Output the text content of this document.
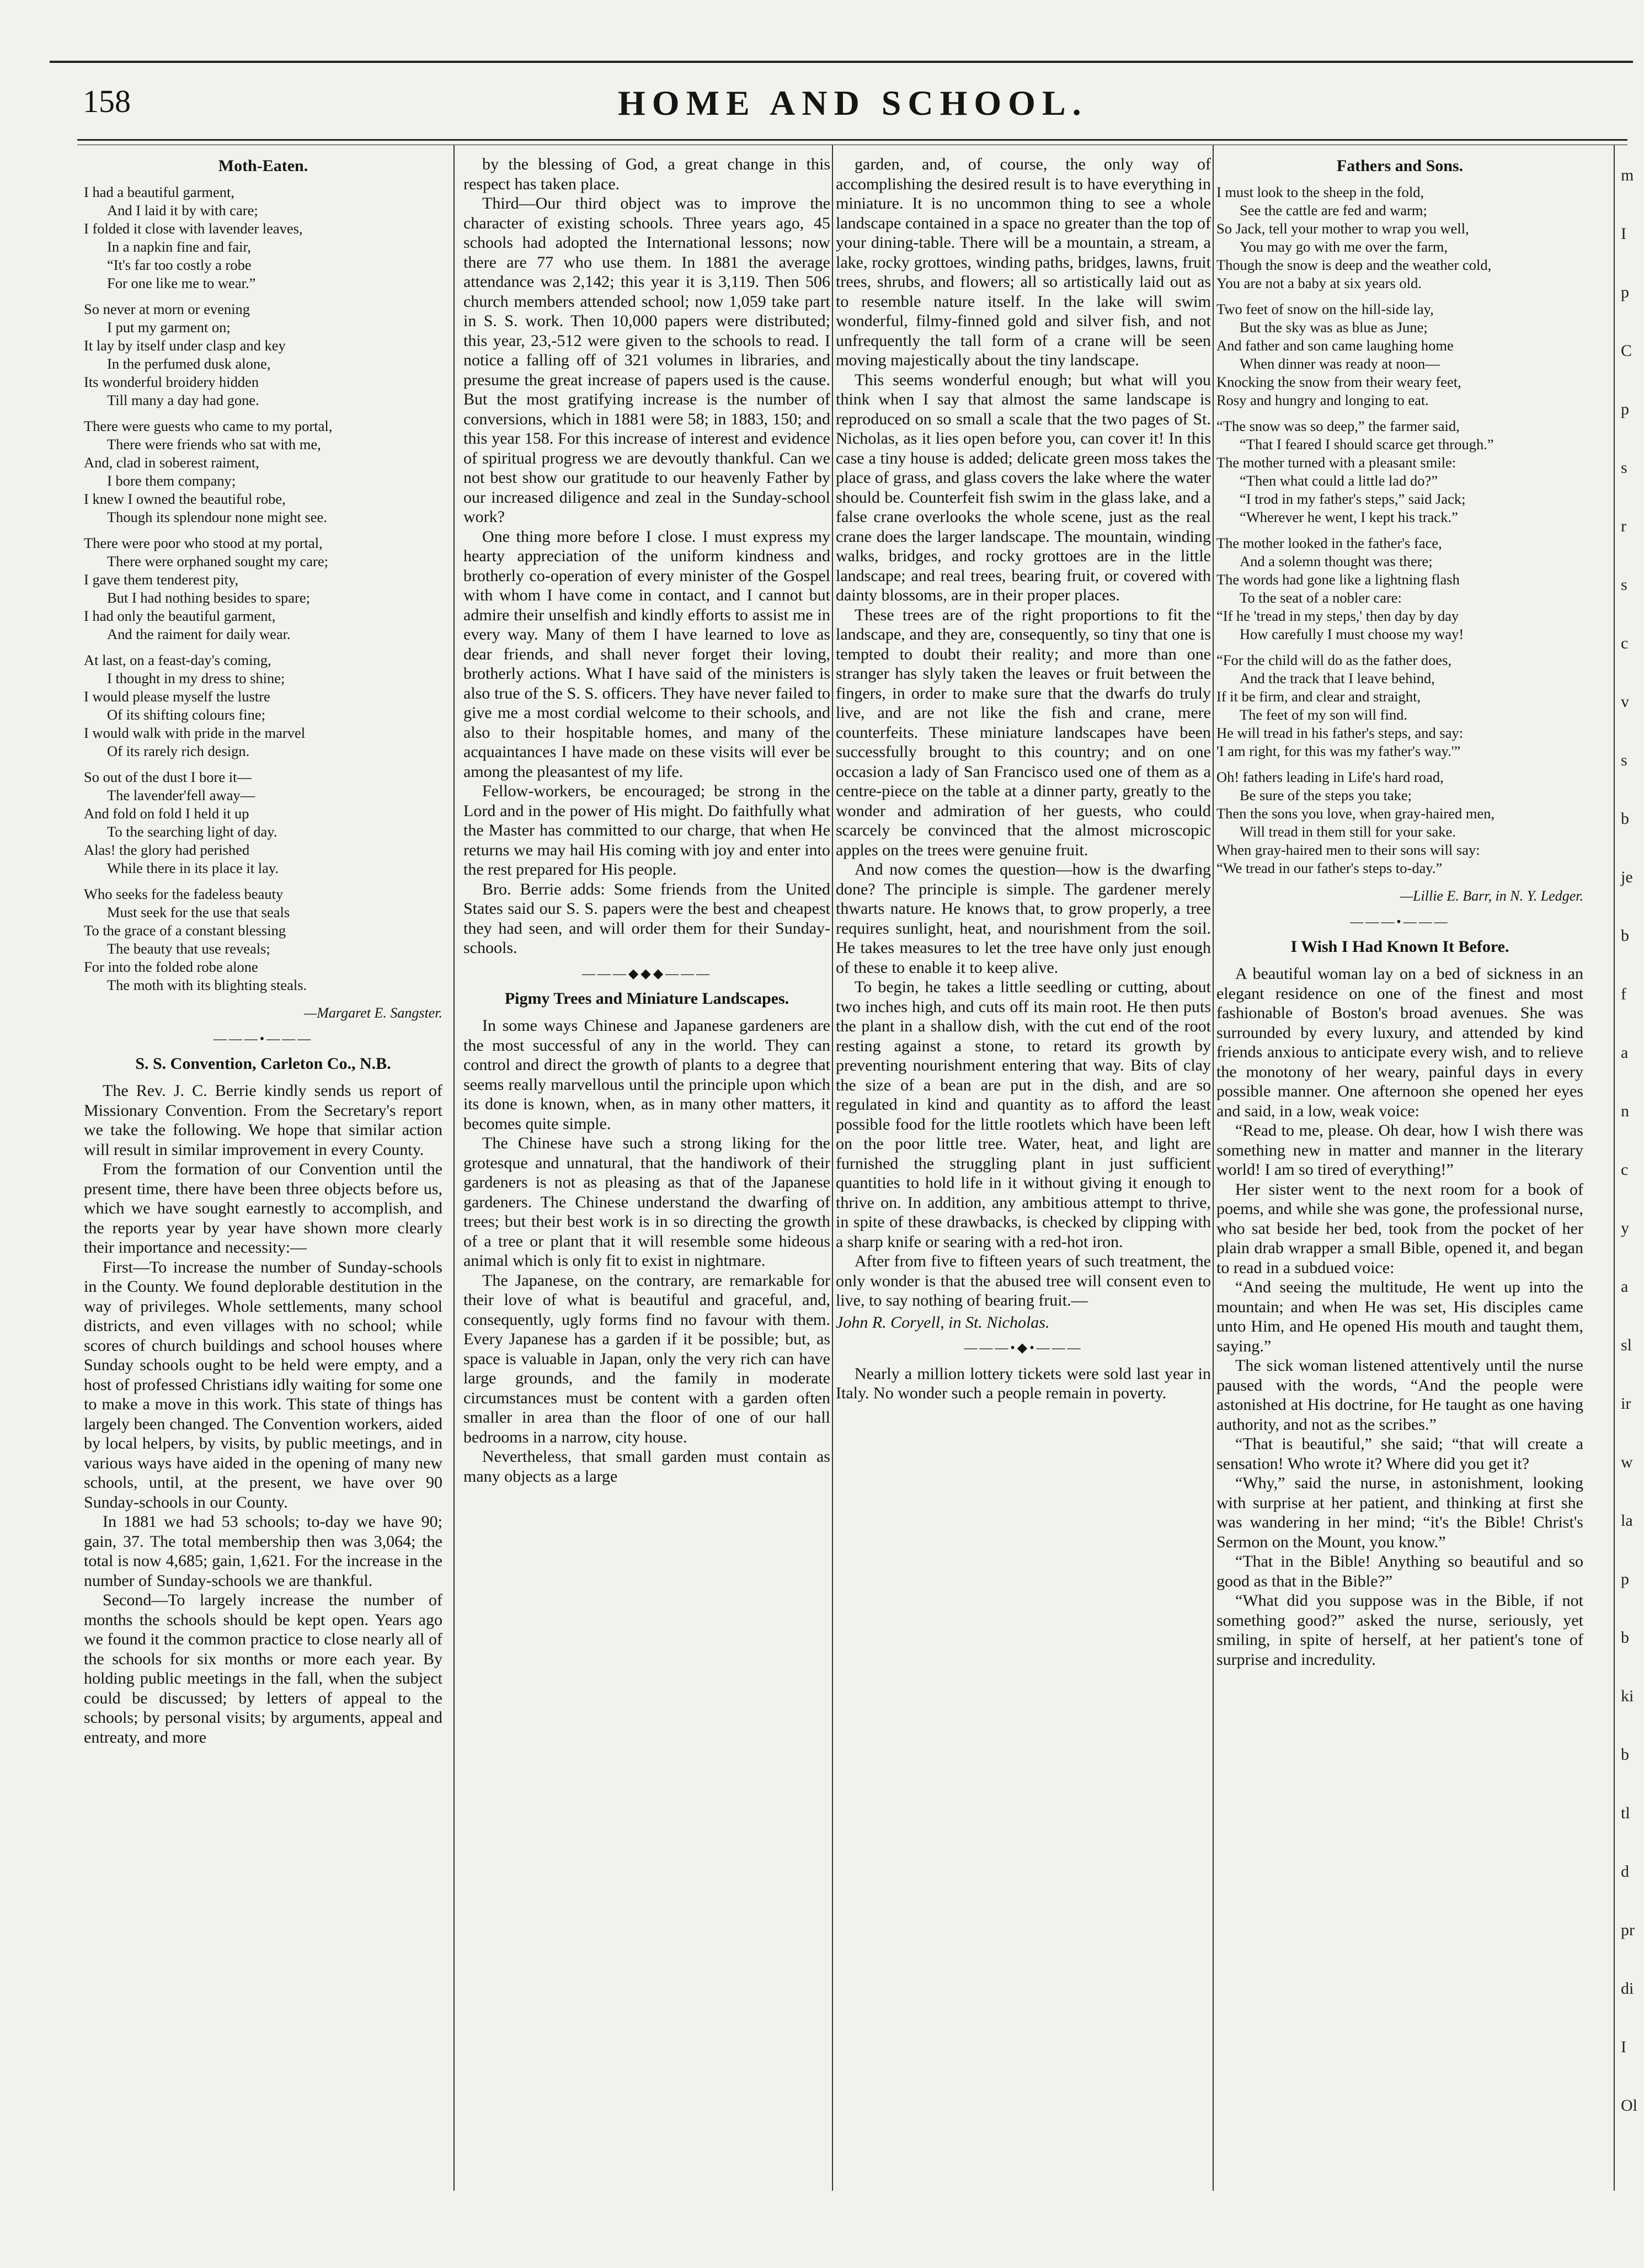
158	HOME AND SCHOOL.
Moth-Eaten.
I had a beautiful garment,
And I laid it by with care;
I folded it close with lavender leaves,
In a napkin fine and fair,
“It's far too costly a robe
For one like me to wear.”

So never at morn or evening
I put my garment on;
It lay by itself under clasp and key
In the perfumed dusk alone,
Its wonderful broidery hidden
Till many a day had gone.

There were guests who came to my portal,
There were friends who sat with me,
And, clad in soberest raiment,
I bore them company;
I knew I owned the beautiful robe,
Though its splendour none might see.

There were poor who stood at my portal,
There were orphaned sought my care;
I gave them tenderest pity,
But I had nothing besides to spare;
I had only the beautiful garment,
And the raiment for daily wear.

At last, on a feast-day's coming,
I thought in my dress to shine;
I would please myself the lustre
Of its shifting colours fine;
I would walk with pride in the marvel
Of its rarely rich design.

So out of the dust I bore it—
The lavender'fell away—
And fold on fold I held it up
To the searching light of day.
Alas! the glory had perished
While there in its place it lay.

Who seeks for the fadeless beauty
Must seek for the use that seals
To the grace of a constant blessing
The beauty that use reveals;
For into the folded robe alone
The moth with its blighting steals.
—Margaret E. Sangster.
———•———
S. S. Convention, Carleton Co., N.B.

The Rev. J. C. Berrie kindly sends us report of Missionary Convention. From the Secretary's report we take the following. We hope that similar action will result in similar improvement in every County.

From the formation of our Convention until the present time, there have been three objects before us, which we have sought earnestly to accomplish, and the reports year by year have shown more clearly their importance and necessity:—

First—To increase the number of Sunday-schools in the County. We found deplorable destitution in the way of privileges. Whole settlements, many school districts, and even villages with no school; while scores of church buildings and school houses where Sunday schools ought to be held were empty, and a host of professed Christians idly waiting for some one to make a move in this work. This state of things has largely been changed. The Convention workers, aided by local helpers, by visits, by public meetings, and in various ways have aided in the opening of many new schools, until, at the present, we have over 90 Sunday-schools in our County.

In 1881 we had 53 schools; to-day we have 90; gain, 37. The total membership then was 3,064; the total is now 4,685; gain, 1,621. For the increase in the number of Sunday-schools we are thankful.

Second—To largely increase the number of months the schools should be kept open. Years ago we found it the common practice to close nearly all of the schools for six months or more each year. By holding public meetings in the fall, when the subject could be discussed; by letters of appeal to the schools; by personal visits; by arguments, appeal and entreaty, and more

by the blessing of God, a great change in this respect has taken place.

Third—Our third object was to improve the character of existing schools. Three years ago, 45 schools had adopted the International lessons; now there are 77 who use them. In 1881 the average attendance was 2,142; this year it is 3,119. Then 506 church members attended school; now 1,059 take part in S. S. work. Then 10,000 papers were distributed; this year, 23,-512 were given to the schools to read. I notice a falling off of 321 volumes in libraries, and presume the great increase of papers used is the cause. But the most gratifying increase is the number of conversions, which in 1881 were 58; in 1883, 150; and this year 158. For this increase of interest and evidence of spiritual progress we are devoutly thankful. Can we not best show our gratitude to our heavenly Father by our increased diligence and zeal in the Sunday-school work?

One thing more before I close. I must express my hearty appreciation of the uniform kindness and brotherly co-operation of every minister of the Gospel with whom I have come in contact, and I cannot but admire their unselfish and kindly efforts to assist me in every way. Many of them I have learned to love as dear friends, and shall never forget their loving, brotherly actions. What I have said of the ministers is also true of the S. S. officers. They have never failed to give me a most cordial welcome to their schools, and also to their hospitable homes, and many of the acquaintances I have made on these visits will ever be among the pleasantest of my life.

Fellow-workers, be encouraged; be strong in the Lord and in the power of His might. Do faithfully what the Master has committed to our charge, that when He returns we may hail His coming with joy and enter into the rest prepared for His people.

Bro. Berrie adds: Some friends from the United States said our S. S. papers were the best and cheapest they had seen, and will order them for their Sunday-schools.

———◆◆◆———
Pigmy Trees and Miniature Landscapes.

In some ways Chinese and Japanese gardeners are the most successful of any in the world. They can control and direct the growth of plants to a degree that seems really marvellous until the principle upon which its done is known, when, as in many other matters, it becomes quite simple.

The Chinese have such a strong liking for the grotesque and unnatural, that the handiwork of their gardeners is not as pleasing as that of the Japanese gardeners. The Chinese understand the dwarfing of trees; but their best work is in so directing the growth of a tree or plant that it will resemble some hideous animal which is only fit to exist in nightmare.

The Japanese, on the contrary, are remarkable for their love of what is beautiful and graceful, and, consequently, ugly forms find no favour with them. Every Japanese has a garden if it be possible; but, as space is valuable in Japan, only the very rich can have large grounds, and the family in moderate circumstances must be content with a garden often smaller in area than the floor of one of our hall bedrooms in a narrow, city house.

Nevertheless, that small garden must contain as many objects as a large

garden, and, of course, the only way of accomplishing the desired result is to have everything in miniature. It is no uncommon thing to see a whole landscape contained in a space no greater than the top of your dining-table. There will be a mountain, a stream, a lake, rocky grottoes, winding paths, bridges, lawns, fruit trees, shrubs, and flowers; all so artistically laid out as to resemble nature itself. In the lake will swim wonderful, filmy-finned gold and silver fish, and not unfrequently the tall form of a crane will be seen moving majestically about the tiny landscape.

This seems wonderful enough; but what will you think when I say that almost the same landscape is reproduced on so small a scale that the two pages of St. Nicholas, as it lies open before you, can cover it! In this case a tiny house is added; delicate green moss takes the place of grass, and glass covers the lake where the water should be. Counterfeit fish swim in the glass lake, and a false crane overlooks the whole scene, just as the real crane does the larger landscape. The mountain, winding walks, bridges, and rocky grottoes are in the little landscape; and real trees, bearing fruit, or covered with dainty blossoms, are in their proper places.

These trees are of the right proportions to fit the landscape, and they are, consequently, so tiny that one is tempted to doubt their reality; and more than one stranger has slyly taken the leaves or fruit between the fingers, in order to make sure that the dwarfs do truly live, and are not like the fish and crane, mere counterfeits. These miniature landscapes have been successfully brought to this country; and on one occasion a lady of San Francisco used one of them as a centre-piece on the table at a dinner party, greatly to the wonder and admiration of her guests, who could scarcely be convinced that the almost microscopic apples on the trees were genuine fruit.

And now comes the question—how is the dwarfing done? The principle is simple. The gardener merely thwarts nature. He knows that, to grow properly, a tree requires sunlight, heat, and nourishment from the soil. He takes measures to let the tree have only just enough of these to enable it to keep alive.

To begin, he takes a little seedling or cutting, about two inches high, and cuts off its main root. He then puts the plant in a shallow dish, with the cut end of the root resting against a stone, to retard its growth by preventing nourishment entering that way. Bits of clay the size of a bean are put in the dish, and are so regulated in kind and quantity as to afford the least possible food for the little rootlets which have been left on the poor little tree. Water, heat, and light are furnished the struggling plant in just sufficient quantities to hold life in it without giving it enough to thrive on. In addition, any ambitious attempt to thrive, in spite of these drawbacks, is checked by clipping with a sharp knife or searing with a red-hot iron.

After from five to fifteen years of such treatment, the only wonder is that the abused tree will consent even to live, to say nothing of bearing fruit.—

John R. Coryell, in St. Nicholas.
———•◆•———

Nearly a million lottery tickets were sold last year in Italy. No wonder such a people remain in poverty.

Fathers and Sons.
I must look to the sheep in the fold,
See the cattle are fed and warm;
So Jack, tell your mother to wrap you well,
You may go with me over the farm,
Though the snow is deep and the weather cold,
You are not a baby at six years old.

Two feet of snow on the hill-side lay,
But the sky was as blue as June;
And father and son came laughing home
When dinner was ready at noon—
Knocking the snow from their weary feet,
Rosy and hungry and longing to eat.

“The snow was so deep,” the farmer said,
“That I feared I should scarce get through.”
The mother turned with a pleasant smile:
“Then what could a little lad do?”
“I trod in my father's steps,” said Jack;
“Wherever he went, I kept his track.”

The mother looked in the father's face,
And a solemn thought was there;
The words had gone like a lightning flash
To the seat of a nobler care:
“If he 'tread in my steps,' then day by day
How carefully I must choose my way!

“For the child will do as the father does,
And the track that I leave behind,
If it be firm, and clear and straight,
The feet of my son will find.
He will tread in his father's steps, and say:
'I am right, for this was my father's way.'”

Oh! fathers leading in Life's hard road,
Be sure of the steps you take;
Then the sons you love, when gray-haired men,
Will tread in them still for your sake.
When gray-haired men to their sons will say:
“We tread in our father's steps to-day.”
—Lillie E. Barr, in N. Y. Ledger.
———•———
I Wish I Had Known It Before.

A beautiful woman lay on a bed of sickness in an elegant residence on one of the finest and most fashionable of Boston's broad avenues. She was surrounded by every luxury, and attended by kind friends anxious to anticipate every wish, and to relieve the monotony of her weary, painful days in every possible manner. One afternoon she opened her eyes and said, in a low, weak voice:

“Read to me, please. Oh dear, how I wish there was something new in matter and manner in the literary world! I am so tired of everything!”

Her sister went to the next room for a book of poems, and while she was gone, the professional nurse, who sat beside her bed, took from the pocket of her plain drab wrapper a small Bible, opened it, and began to read in a subdued voice:

“And seeing the multitude, He went up into the mountain; and when He was set, His disciples came unto Him, and He opened His mouth and taught them, saying.”

The sick woman listened attentively until the nurse paused with the words, “And the people were astonished at His doctrine, for He taught as one having authority, and not as the scribes.”

“That is beautiful,” she said; “that will create a sensation! Who wrote it? Where did you get it?

“Why,” said the nurse, in astonishment, looking with surprise at her patient, and thinking at first she was wandering in her mind; “it's the Bible! Christ's Sermon on the Mount, you know.”

“That in the Bible! Anything so beautiful and so good as that in the Bible?”

“What did you suppose was in the Bible, if not something good?” asked the nurse, seriously, yet smiling, in spite of herself, at her patient's tone of surprise and incredulity.

m
I
p
C
p
s
r
s
c
v
s
b
je
b
f
a
n
c
y
a
sl
ir
w
la
p
b
ki
b
tl
d
pr
di
I
Ol
